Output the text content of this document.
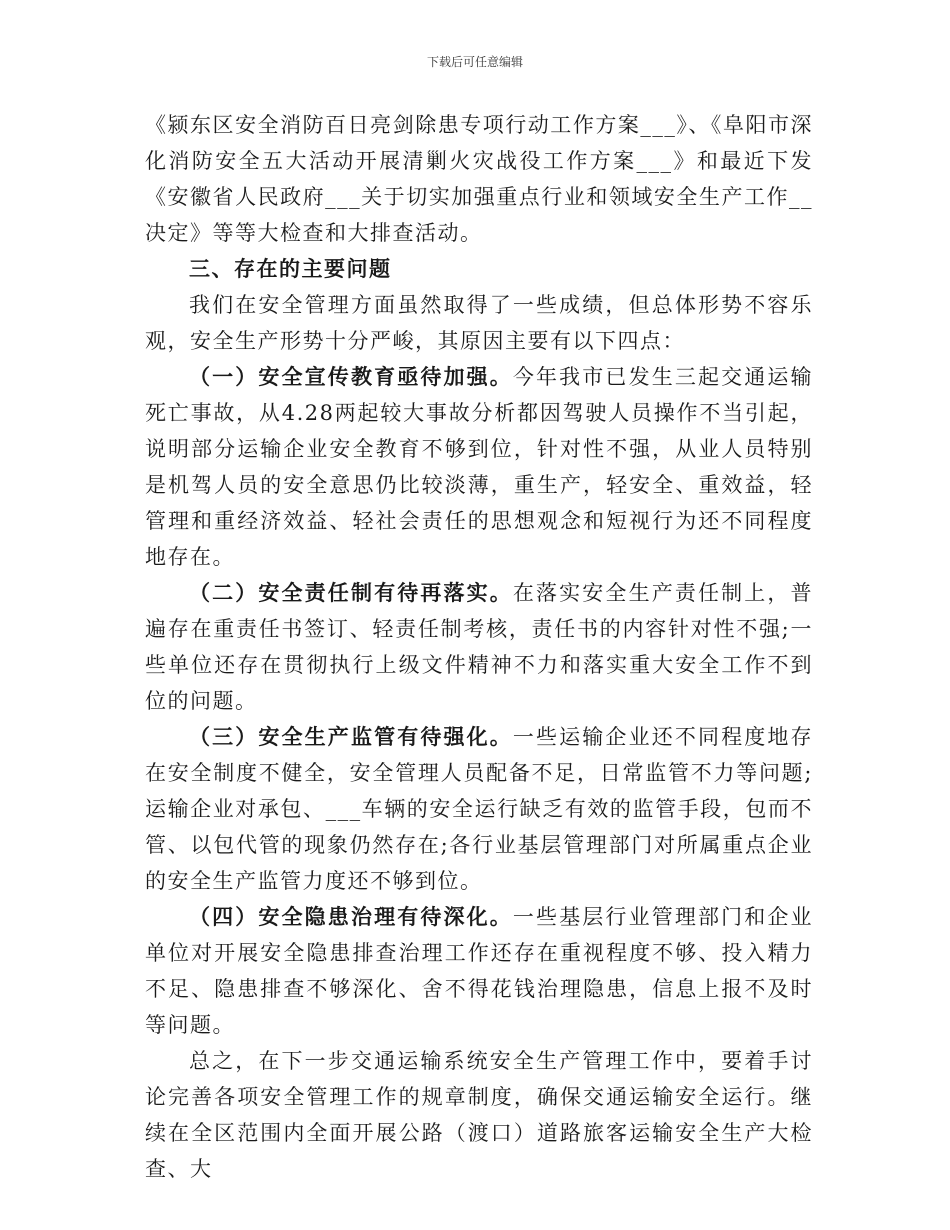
下载后可任意编辑

《颍东区安全消防百日亮剑除患专项行动工作方案___》、《阜阳市深化消防安全五大活动开展清剿火灾战役工作方案___》和最近下发《安徽省人民政府___关于切实加强重点行业和领域安全生产工作__决定》等等大检查和大排查活动。

三、存在的主要问题

我们在安全管理方面虽然取得了一些成绩，但总体形势不容乐观，安全生产形势十分严峻，其原因主要有以下四点：

（一）安全宣传教育亟待加强。今年我市已发生三起交通运输死亡事故，从4.28两起较大事故分析都因驾驶人员操作不当引起，说明部分运输企业安全教育不够到位，针对性不强，从业人员特别是机驾人员的安全意思仍比较淡薄，重生产，轻安全、重效益，轻管理和重经济效益、轻社会责任的思想观念和短视行为还不同程度地存在。

（二）安全责任制有待再落实。在落实安全生产责任制上，普遍存在重责任书签订、轻责任制考核，责任书的内容针对性不强;一些单位还存在贯彻执行上级文件精神不力和落实重大安全工作不到位的问题。

（三）安全生产监管有待强化。一些运输企业还不同程度地存在安全制度不健全，安全管理人员配备不足，日常监管不力等问题;运输企业对承包、___车辆的安全运行缺乏有效的监管手段，包而不管、以包代管的现象仍然存在;各行业基层管理部门对所属重点企业的安全生产监管力度还不够到位。

（四）安全隐患治理有待深化。一些基层行业管理部门和企业单位对开展安全隐患排查治理工作还存在重视程度不够、投入精力不足、隐患排查不够深化、舍不得花钱治理隐患，信息上报不及时等问题。

总之，在下一步交通运输系统安全生产管理工作中，要着手讨论完善各项安全管理工作的规章制度，确保交通运输安全运行。继续在全区范围内全面开展公路（渡口）道路旅客运输安全生产大检查、大
